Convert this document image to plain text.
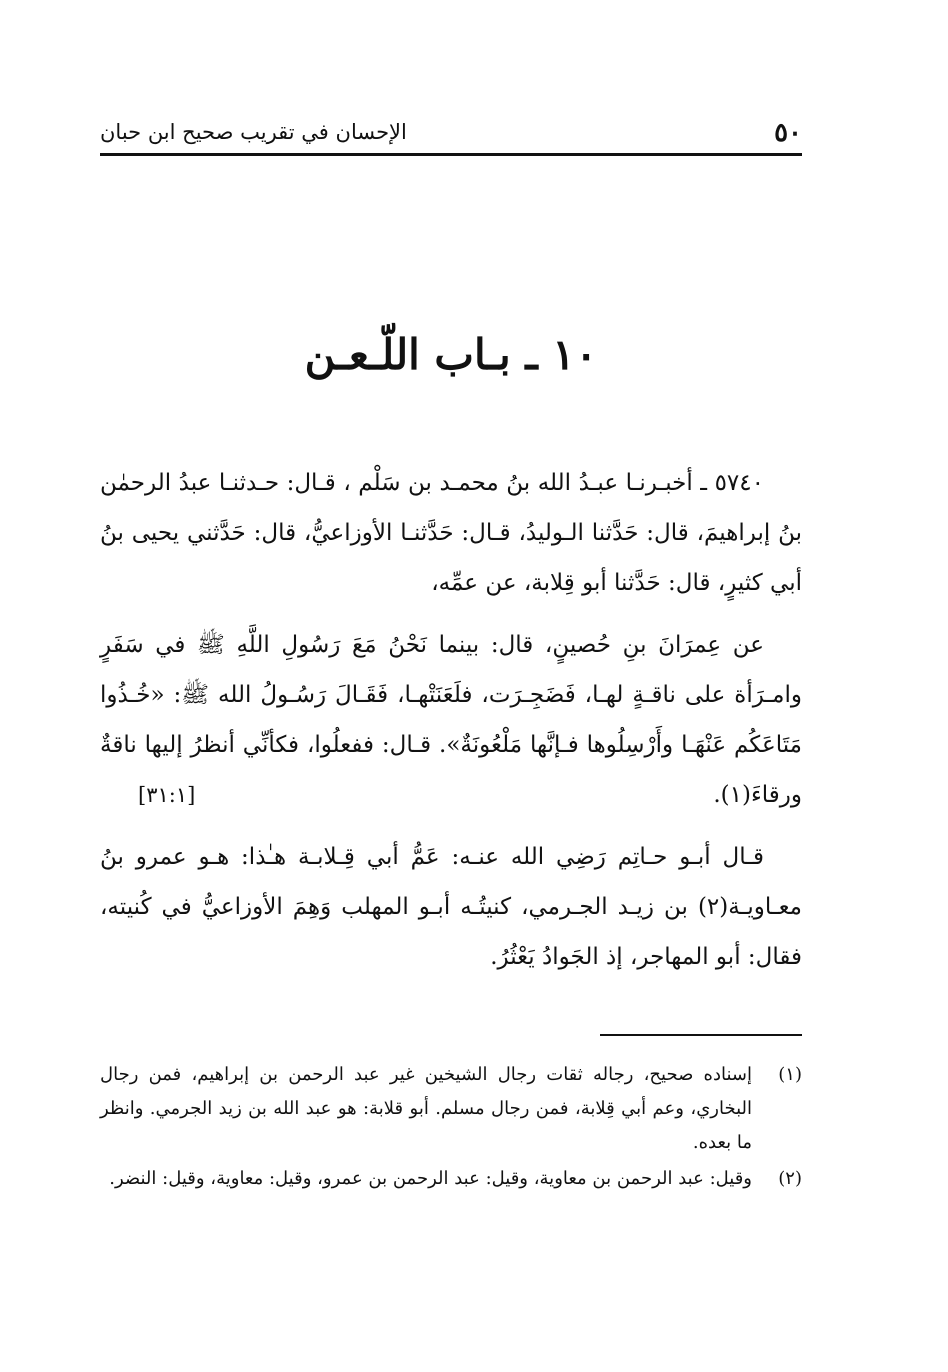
٥٠
الإحسان في تقريب صحيح ابن حبان
١٠ ـ بـاب اللّـعـن

٥٧٤٠ ـ أخبـرنـا عبـدُ الله بنُ محمـد بن سَلْم ، قـال: حـدثنـا عبدُ الرحمٰن بنُ إبراهيمَ، قال: حَدَّثنا الـوليدُ، قـال: حَدَّثنـا الأوزاعيُّ، قال: حَدَّثني يحيى بنُ أبي كثيرٍ، قال: حَدَّثنا أبو قِلابة، عن عمِّه،

عن عِمرَانَ بنِ حُصينٍ، قال: بينما نَحْنُ مَعَ رَسُولِ اللَّهِ ﷺ في سَفَرٍ وامـرَأة على ناقـةٍ لهـا، فَضَجِـرَت، فلَعَنَتْهـا، فَقَـالَ رَسُـولُ الله ﷺ: «خُـذُوا مَتَاعَكُم عَنْهَـا وأَرْسِلُوها فـإنَّها مَلْعُونَةٌ». قـال: ففعلُوا، فكأنِّي أنظرُ إليها ناقةٌ ورقاءَ(١).
[٣١:١]

قـال أبـو حـاتِم رَضِي الله عنـه: عَمُّ أبي قِـلابـة هـٰذا: هـو عمرو بنُ معـاويـة(٢) بن زيـد الجـرمي، كنيتُـه أبـو المهلب وَهِمَ الأوزاعيُّ في كُنيته، فقال: أبو المهاجر، إذ الجَوادُ يَعْثُرُ.

(١)
إسناده صحيح، رجاله ثقات رجال الشيخين غير عبد الرحمن بن إبراهيم، فمن رجال البخاري، وعم أبي قِلابة، فمن رجال مسلم. أبو قلابة: هو عبد الله بن زيد الجرمي. وانظر ما بعده.
(٢)
وقيل: عبد الرحمن بن معاوية، وقيل: عبد الرحمن بن عمرو، وقيل: معاوية، وقيل: النضر.
